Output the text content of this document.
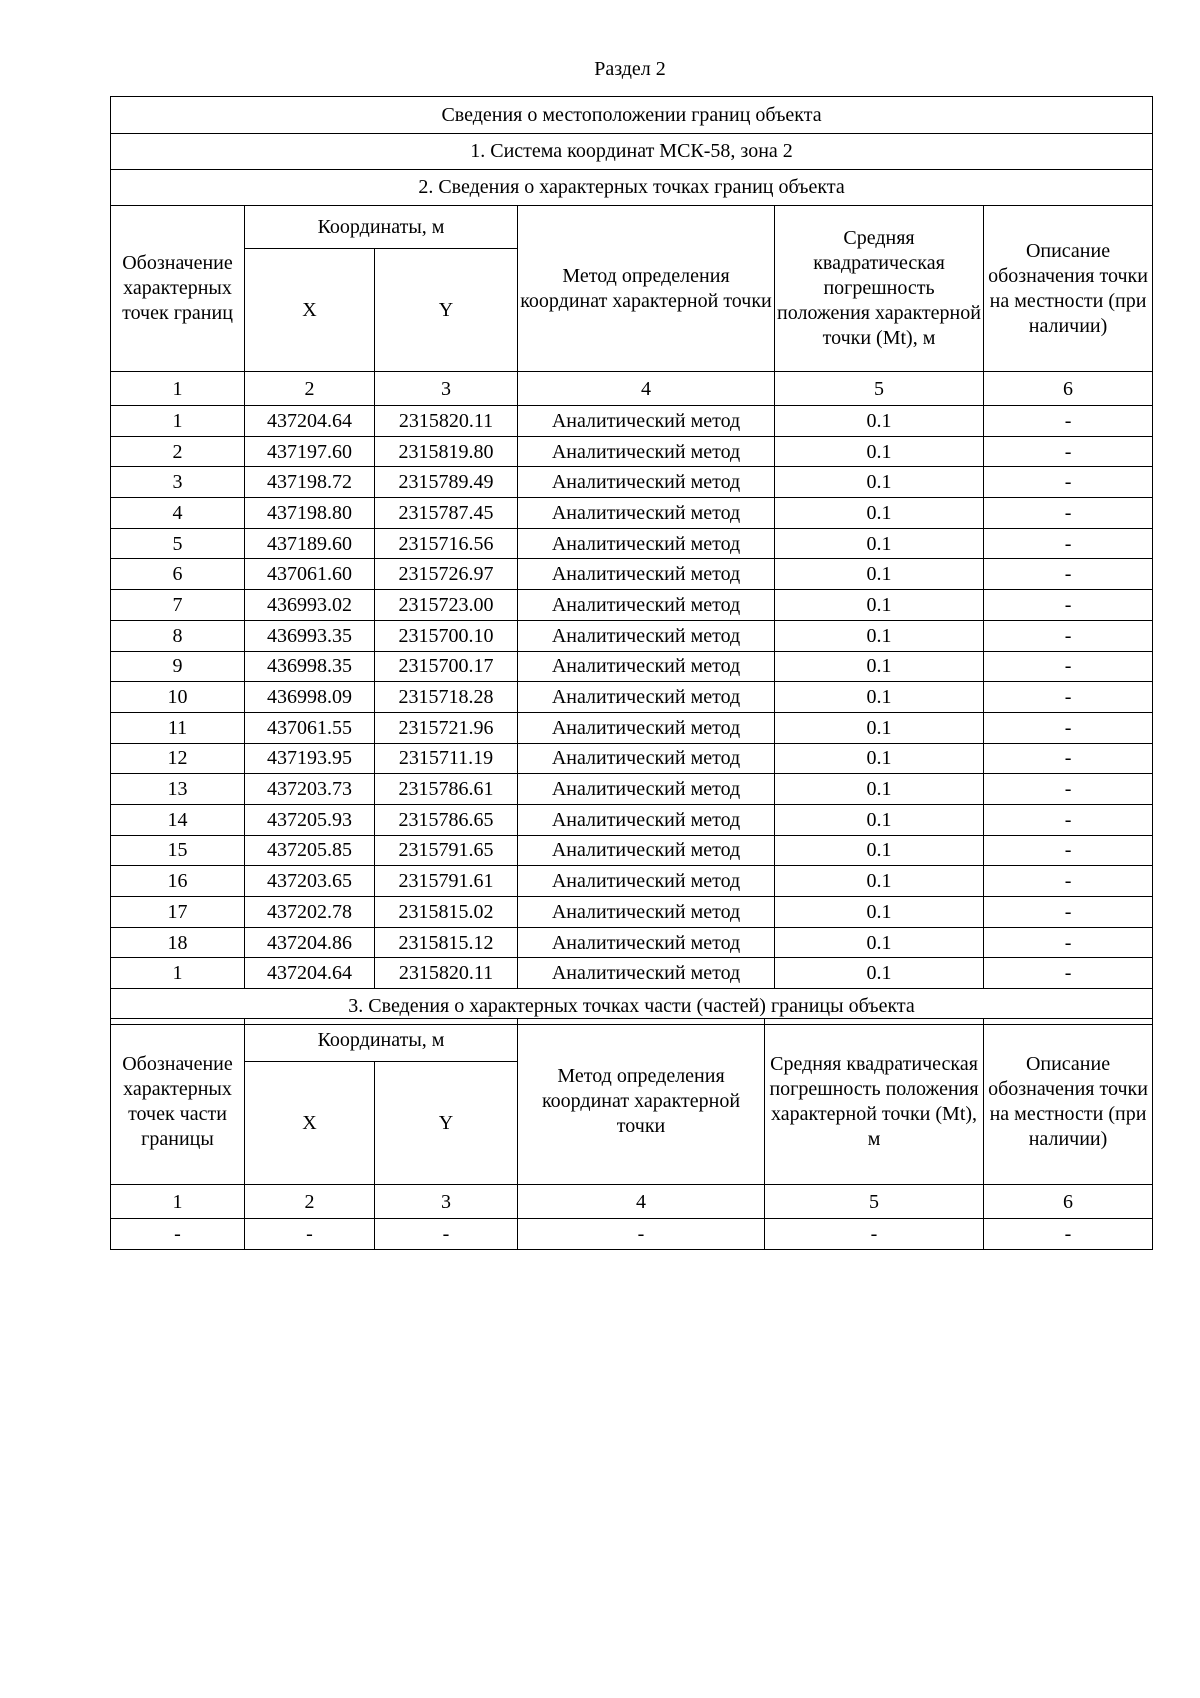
Раздел 2
Сведения о местоположении границ объекта					
1. Система координат МСК-58, зона 2					
2. Сведения о характерных точках границ объекта					
Обозначение характерных точек границ	Координаты, м		Метод определения координат характерной точки	Средняя квадратическая погрешность положения характерной точки (Mt), м	Описание обозначения точки на местности (при наличии)
	X	Y			
1	2	3	4	5	6
1	437204.64	2315820.11	Аналитический метод	0.1	-
2	437197.60	2315819.80	Аналитический метод	0.1	-
3	437198.72	2315789.49	Аналитический метод	0.1	-
4	437198.80	2315787.45	Аналитический метод	0.1	-
5	437189.60	2315716.56	Аналитический метод	0.1	-
6	437061.60	2315726.97	Аналитический метод	0.1	-
7	436993.02	2315723.00	Аналитический метод	0.1	-
8	436993.35	2315700.10	Аналитический метод	0.1	-
9	436998.35	2315700.17	Аналитический метод	0.1	-
10	436998.09	2315718.28	Аналитический метод	0.1	-
11	437061.55	2315721.96	Аналитический метод	0.1	-
12	437193.95	2315711.19	Аналитический метод	0.1	-
13	437203.73	2315786.61	Аналитический метод	0.1	-
14	437205.93	2315786.65	Аналитический метод	0.1	-
15	437205.85	2315791.65	Аналитический метод	0.1	-
16	437203.65	2315791.61	Аналитический метод	0.1	-
17	437202.78	2315815.02	Аналитический метод	0.1	-
18	437204.86	2315815.12	Аналитический метод	0.1	-
1	437204.64	2315820.11	Аналитический метод	0.1	-
3. Сведения о характерных точках части (частей) границы объекта					
Обозначение характерных точек части границы	Координаты, м		Метод определения координат характерной точки	Средняя квадратическая погрешность положения характерной точки (Mt), м	Описание обозначения точки на местности (при наличии)
	X	Y			
1	2	3	4	5	6
-	-	-	-	-	-
